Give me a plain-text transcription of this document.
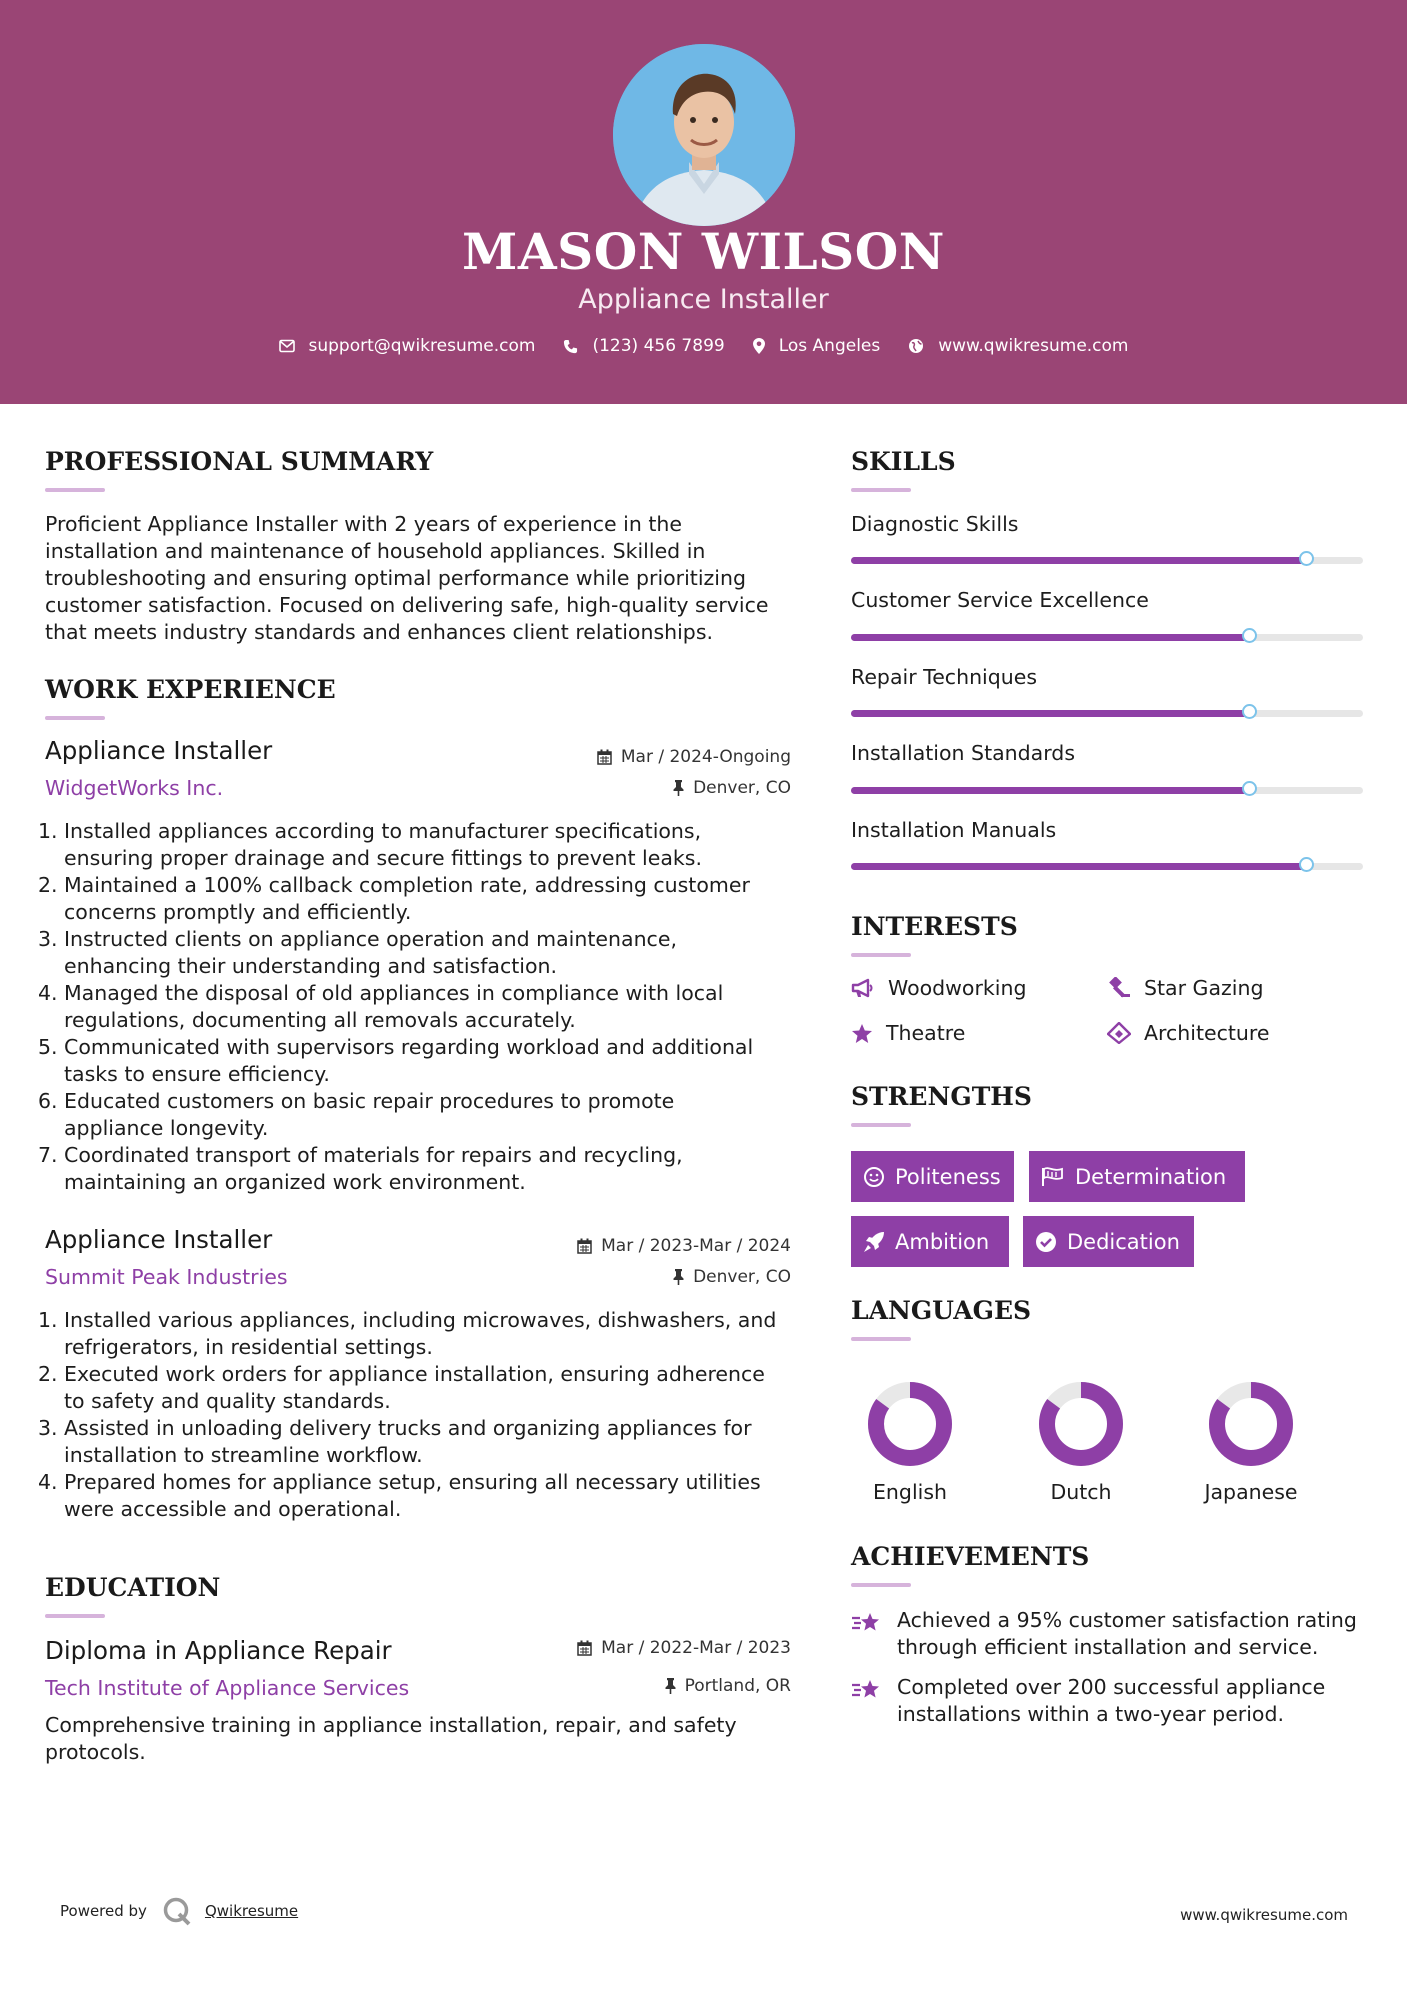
MASON WILSON
Appliance Installer
support@qwikresume.com	(123) 456 7899	Los Angeles	www.qwikresume.com
PROFESSIONAL SUMMARY
Proficient Appliance Installer with 2 years of experience in the
installation and maintenance of household appliances. Skilled in
troubleshooting and ensuring optimal performance while prioritizing
customer satisfaction. Focused on delivering safe, high-quality service
that meets industry standards and enhances client relationships.
WORK EXPERIENCE
Appliance Installer
WidgetWorks Inc.
Mar / 2024-Ongoing
Denver, CO
1. Installed appliances according to manufacturer specifications,
ensuring proper drainage and secure fittings to prevent leaks.
2. Maintained a 100% callback completion rate, addressing customer
concerns promptly and efficiently.
3. Instructed clients on appliance operation and maintenance,
enhancing their understanding and satisfaction.
4. Managed the disposal of old appliances in compliance with local
regulations, documenting all removals accurately.
5. Communicated with supervisors regarding workload and additional
tasks to ensure efficiency.
6. Educated customers on basic repair procedures to promote
appliance longevity.
7. Coordinated transport of materials for repairs and recycling,
maintaining an organized work environment.
Appliance Installer
Summit Peak Industries
Mar / 2023-Mar / 2024
Denver, CO
1. Installed various appliances, including microwaves, dishwashers, and
refrigerators, in residential settings.
2. Executed work orders for appliance installation, ensuring adherence
to safety and quality standards.
3. Assisted in unloading delivery trucks and organizing appliances for
installation to streamline workflow.
4. Prepared homes for appliance setup, ensuring all necessary utilities
were accessible and operational.
EDUCATION
Diploma in Appliance Repair
Tech Institute of Appliance Services
Mar / 2022-Mar / 2023
Portland, OR
Comprehensive training in appliance installation, repair, and safety
protocols.
SKILLS
Diagnostic Skills
Customer Service Excellence
Repair Techniques
Installation Standards
Installation Manuals
INTERESTS
Woodworking	Star Gazing
Theatre	Architecture
STRENGTHS
Politeness	Determination
Ambition	Dedication
LANGUAGES
English	Dutch	Japanese
ACHIEVEMENTS
Achieved a 95% customer satisfaction rating
through efficient installation and service.
Completed over 200 successful appliance
installations within a two-year period.
Powered by	Qwikresume	www.qwikresume.com
